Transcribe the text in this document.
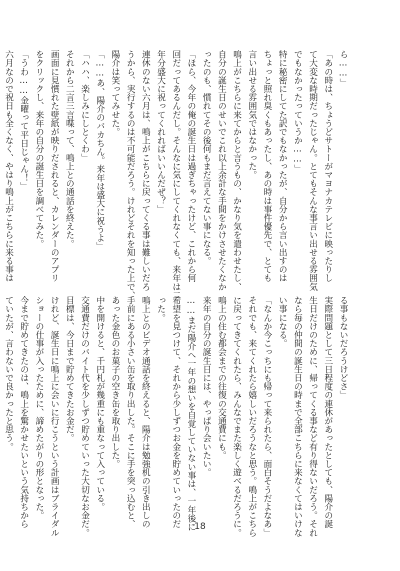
ら……」
「あの時は、ちょうどサトーがマヨナカテレビに映ったりし
て大変な時期だったじゃん。とてもそんな事言い出せる雰囲気
でもなかったっていうか……」
特に秘密にしてた訳でもなかったが、自分から言い出すのは
ちょっと照れ臭くもあったし、あの時は事件優先で、とても
言い出せる雰囲気ではなかった。
鳴上がこちらに来てからと言うもの、かなり気を遣わせたし、
自分の誕生日のせいでこれ以上余計な手間をかけさせたくなか
ったのも、慣れてその後何もまだ言えてない事になる。
「ほら、今年の俺の誕生日は過ぎちゃったけど、これから何
回だってあるんだし。そんなに気にしてくれなくても、来年は二
年分盛大に祝ってくれればいいんだぜ？」
連休のない六月は、鳴上がこちらに戻ってくる事は難しいだろ
うから、実行するのは不可能だろう。けれどそれを知った上で、
陽介は笑ってみせた。
「……あ、陽介のバカちん。来年は盛大に祝うよ」
「ハハ、楽しみにしとくわ」
それから二言三言喋って、鳴上との通話を終えた。
画面に見慣れた壁紙が映りだされると、カレンダーのアプリ
をクリックし、来年の自分の誕生日を調べてみた。
「うわ……金曜って平日じゃん！」
六月なので祝日も全くなく、やはり鳴上がこちらに来る事は
る事もないだろうけどさ」
実際問題として三日程度の連休があったとしても、陽介の誕
生日だけのために、帰ってくる事など有り得ないだろう。それ
なら毎の仲間の誕生日の時まで全部こちらに来なくてはいけな
い事になる。
「なんか今こっちにも帰って来られたら、面白そうだよなあ」
それでも、来てくれたら嬉しいだろうなと思う。鳴上がこちら
に戻ってきてくれたら、みんなでまた楽しく遊べるだろうに。
鳴上の住む都会までの往復の交通費にも。
来年の自分の誕生日には、やっぱり会いたい。
……まだ陽介へ一年の想いを自覚していない事は、一年後に
希望を見つけて、それから少しずつお金を貯めていったのだ
った。
鳴上とのビデオ通話を終えると、陽介は勉強机の引き出しの
手前にある小さい缶を取り出した。そこに手を突っ込むと、
あった金色のお菓子の空き缶を取り出した。
中を開けると、千円札が幾重にも重なって入っている。
交通費だけのバイト代を少しずつ貯めていった大切なお金だ。
目標は、今日まで貯めてきたお金だ。
けれど、誕生日に鳴上に会いに行こうという計画はブライダル
ショーの仕事が入ったために、諦めたがりの形となった。
今まで貯めてきたのは、鳴上を驚かせたいという気持ちから
ていたが、言わないで良かったと思う。
18
